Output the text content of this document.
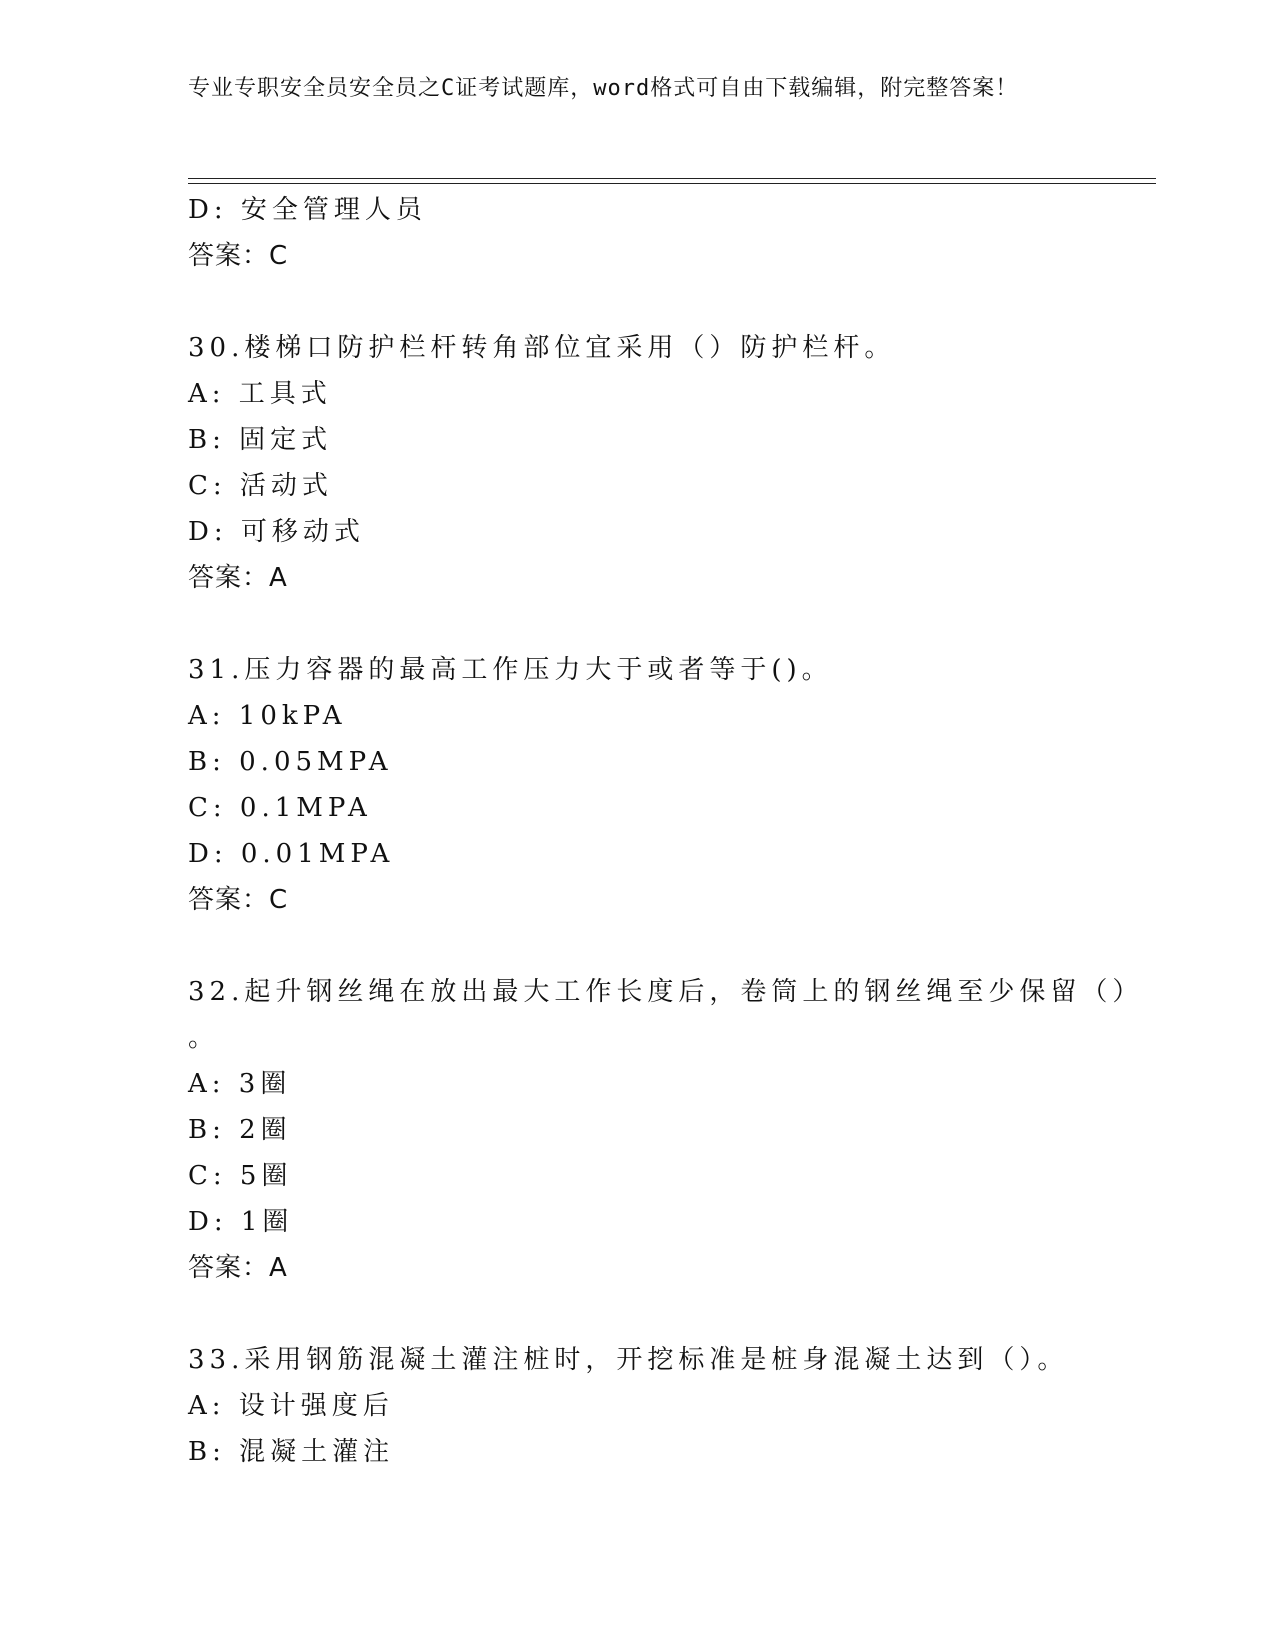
专业专职安全员安全员之C证考试题库，word格式可自由下载编辑，附完整答案！
D: 安全管理人员
答案：C
30.楼梯口防护栏杆转角部位宜采用（）防护栏杆。
A: 工具式
B: 固定式
C: 活动式
D: 可移动式
答案：A
31.压力容器的最高工作压力大于或者等于()。
A: 10kPA
B: 0.05MPA
C: 0.1MPA
D: 0.01MPA
答案：C
32.起升钢丝绳在放出最大工作长度后，卷筒上的钢丝绳至少保留（）
。
A: 3圈
B: 2圈
C: 5圈
D: 1圈
答案：A
33.采用钢筋混凝土灌注桩时，开挖标准是桩身混凝土达到（）。
A: 设计强度后
B: 混凝土灌注
